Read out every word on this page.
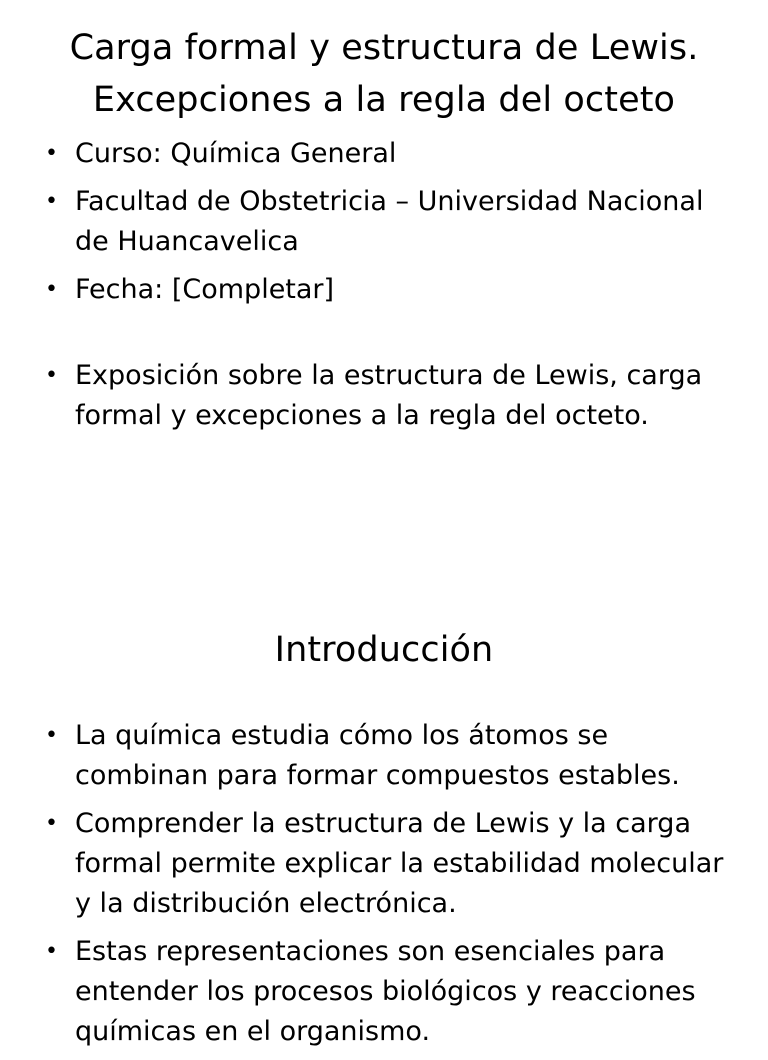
Carga formal y estructura de Lewis.
Excepciones a la regla del octeto
• Curso: Química General
• Facultad de Obstetricia – Universidad Nacional de Huancavelica
• Fecha: [Completar]
• Exposición sobre la estructura de Lewis, carga formal y excepciones a la regla del octeto.
Introducción
• La química estudia cómo los átomos se combinan para formar compuestos estables.
• Comprender la estructura de Lewis y la carga formal permite explicar la estabilidad molecular y la distribución electrónica.
• Estas representaciones son esenciales para entender los procesos biológicos y reacciones químicas en el organismo.
